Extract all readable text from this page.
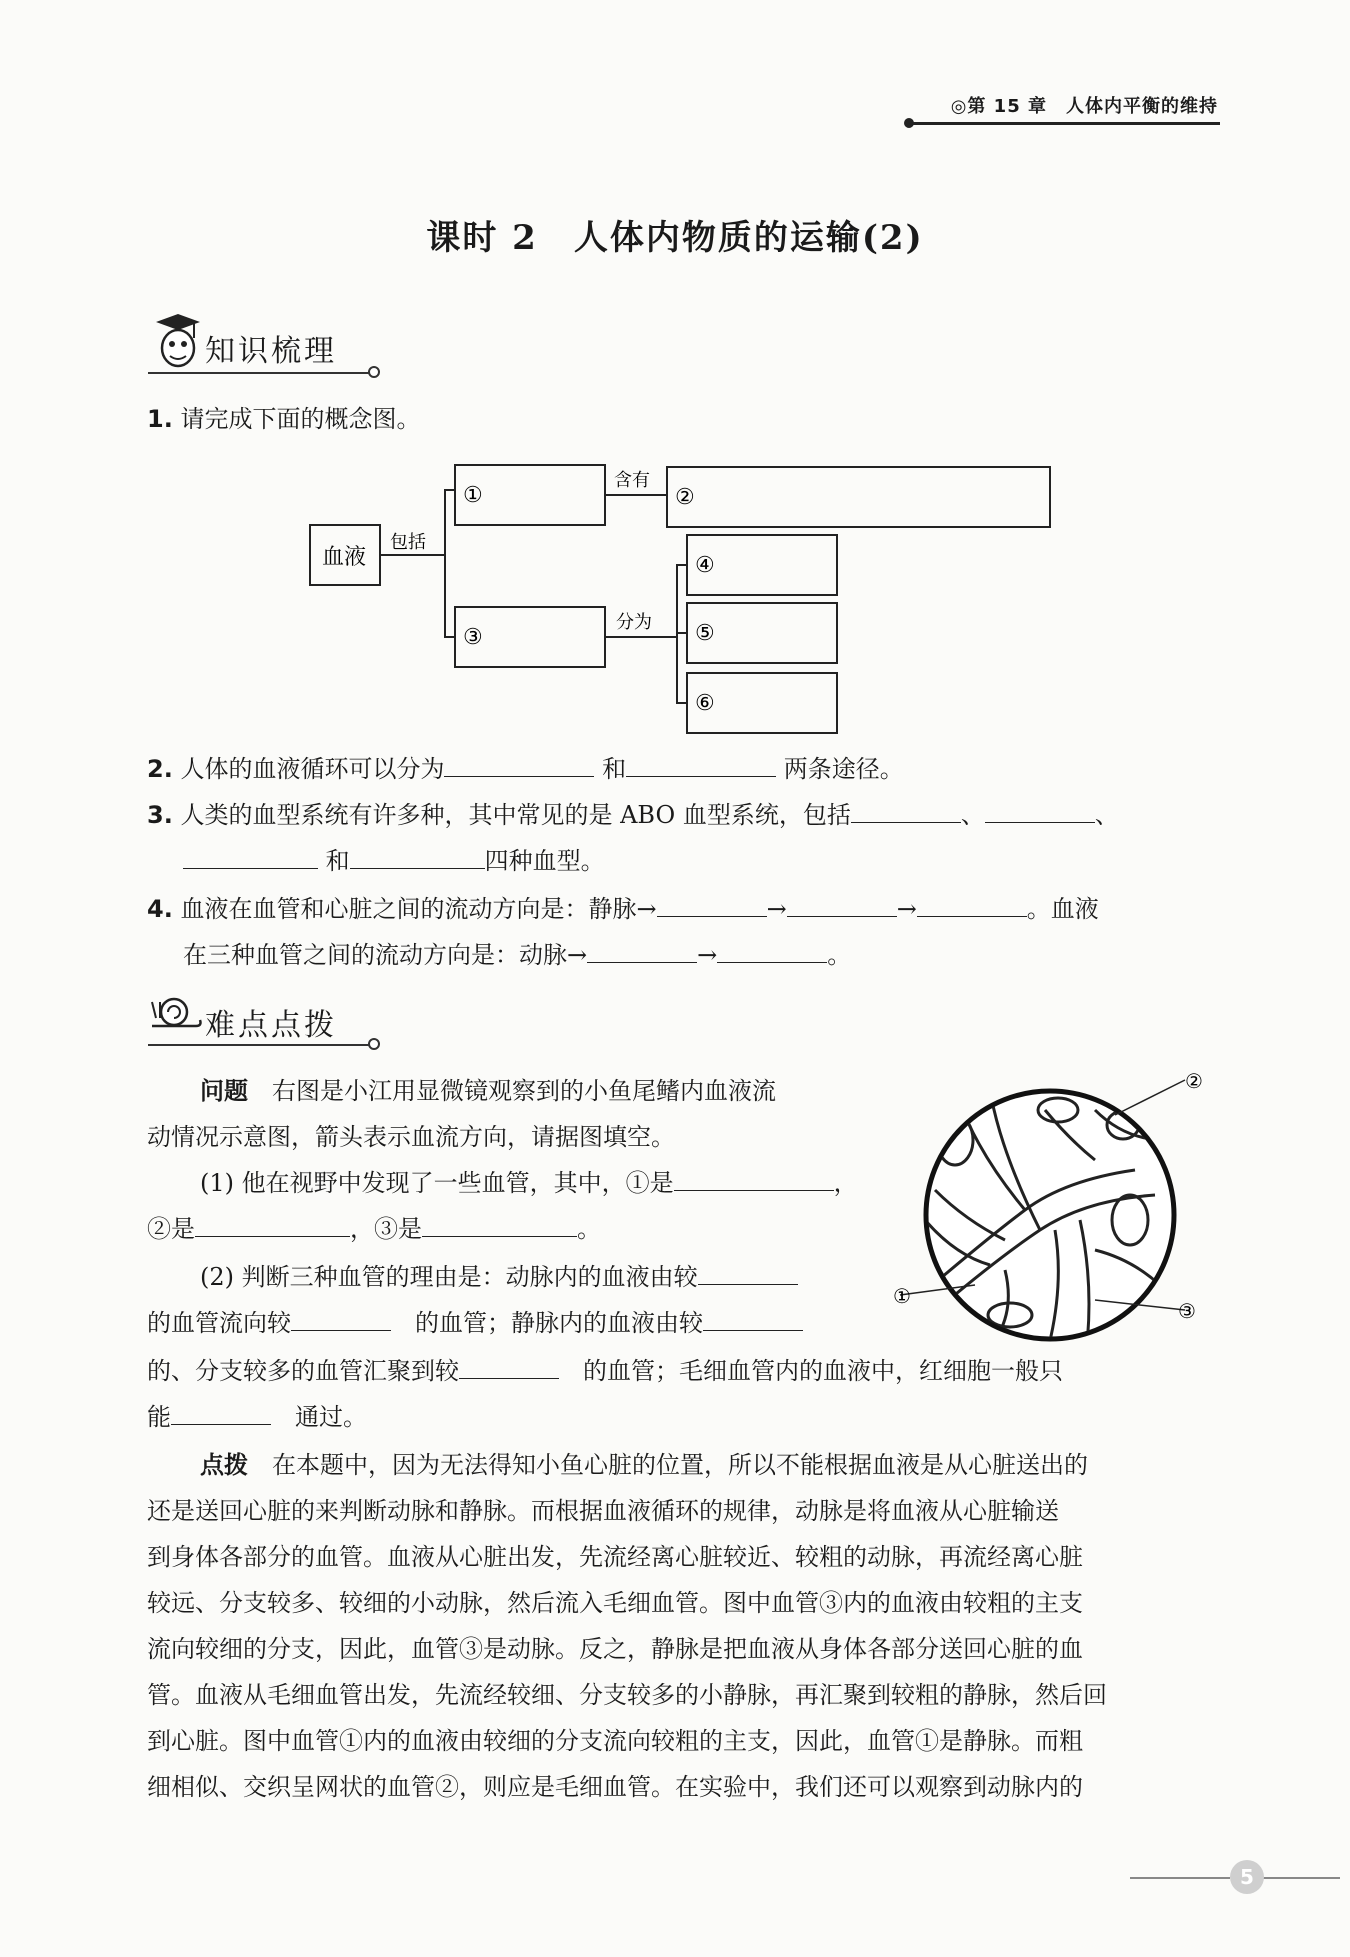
◎第 15 章　人体内平衡的维持
课时 2　人体内物质的运输(2)
知识梳理
1. 请完成下面的概念图。
血液
包括
含有
分为
①	②
③
④
⑤
⑥
2. 人体的血液循环可以分为	和	两条途径。
3. 人类的血型系统有许多种，其中常见的是 ABO 血型系统，包括	、	、
和	四种血型。
4. 血液在血管和心脏之间的流动方向是：静脉→	→	→	。血液
在三种血管之间的流动方向是：动脉→	→	。
难点点拨
问题　 右图是小江用显微镜观察到的小鱼尾鳍内血液流
动情况示意图，箭头表示血流方向，请据图填空。
(1) 他在视野中发现了一些血管，其中，①是	，
②是	，③是	。
(2) 判断三种血管的理由是：动脉内的血液由较
的血管流向较　	的血管；静脉内的血液由较
的、分支较多的血管汇聚到较　	的血管；毛细血管内的血液中，红细胞一般只
能　	通过。
②
①
③
点拨　 在本题中，因为无法得知小鱼心脏的位置，所以不能根据血液是从心脏送出的
还是送回心脏的来判断动脉和静脉。而根据血液循环的规律，动脉是将血液从心脏输送
到身体各部分的血管。血液从心脏出发，先流经离心脏较近、较粗的动脉，再流经离心脏
较远、分支较多、较细的小动脉，然后流入毛细血管。图中血管③内的血液由较粗的主支
流向较细的分支，因此，血管③是动脉。反之，静脉是把血液从身体各部分送回心脏的血
管。血液从毛细血管出发，先流经较细、分支较多的小静脉，再汇聚到较粗的静脉，然后回
到心脏。图中血管①内的血液由较细的分支流向较粗的主支，因此，血管①是静脉。而粗
细相似、交织呈网状的血管②，则应是毛细血管。在实验中，我们还可以观察到动脉内的
5
